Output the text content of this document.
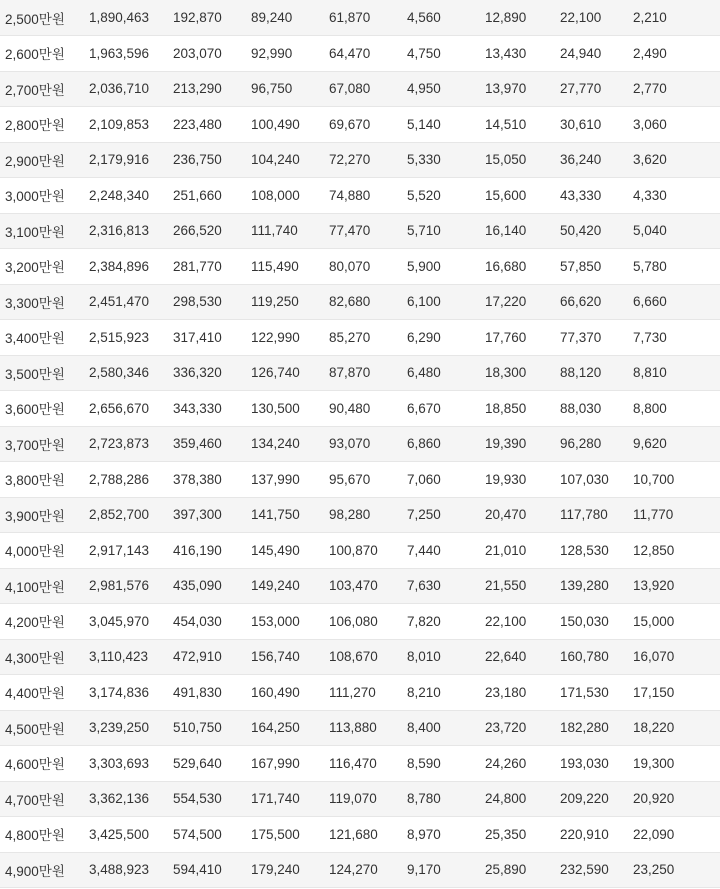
2,500만원	1,890,463	192,870	89,240	61,870	4,560	12,890	22,100	2,210
2,600만원	1,963,596	203,070	92,990	64,470	4,750	13,430	24,940	2,490
2,700만원	2,036,710	213,290	96,750	67,080	4,950	13,970	27,770	2,770
2,800만원	2,109,853	223,480	100,490	69,670	5,140	14,510	30,610	3,060
2,900만원	2,179,916	236,750	104,240	72,270	5,330	15,050	36,240	3,620
3,000만원	2,248,340	251,660	108,000	74,880	5,520	15,600	43,330	4,330
3,100만원	2,316,813	266,520	111,740	77,470	5,710	16,140	50,420	5,040
3,200만원	2,384,896	281,770	115,490	80,070	5,900	16,680	57,850	5,780
3,300만원	2,451,470	298,530	119,250	82,680	6,100	17,220	66,620	6,660
3,400만원	2,515,923	317,410	122,990	85,270	6,290	17,760	77,370	7,730
3,500만원	2,580,346	336,320	126,740	87,870	6,480	18,300	88,120	8,810
3,600만원	2,656,670	343,330	130,500	90,480	6,670	18,850	88,030	8,800
3,700만원	2,723,873	359,460	134,240	93,070	6,860	19,390	96,280	9,620
3,800만원	2,788,286	378,380	137,990	95,670	7,060	19,930	107,030	10,700
3,900만원	2,852,700	397,300	141,750	98,280	7,250	20,470	117,780	11,770
4,000만원	2,917,143	416,190	145,490	100,870	7,440	21,010	128,530	12,850
4,100만원	2,981,576	435,090	149,240	103,470	7,630	21,550	139,280	13,920
4,200만원	3,045,970	454,030	153,000	106,080	7,820	22,100	150,030	15,000
4,300만원	3,110,423	472,910	156,740	108,670	8,010	22,640	160,780	16,070
4,400만원	3,174,836	491,830	160,490	111,270	8,210	23,180	171,530	17,150
4,500만원	3,239,250	510,750	164,250	113,880	8,400	23,720	182,280	18,220
4,600만원	3,303,693	529,640	167,990	116,470	8,590	24,260	193,030	19,300
4,700만원	3,362,136	554,530	171,740	119,070	8,780	24,800	209,220	20,920
4,800만원	3,425,500	574,500	175,500	121,680	8,970	25,350	220,910	22,090
4,900만원	3,488,923	594,410	179,240	124,270	9,170	25,890	232,590	23,250
